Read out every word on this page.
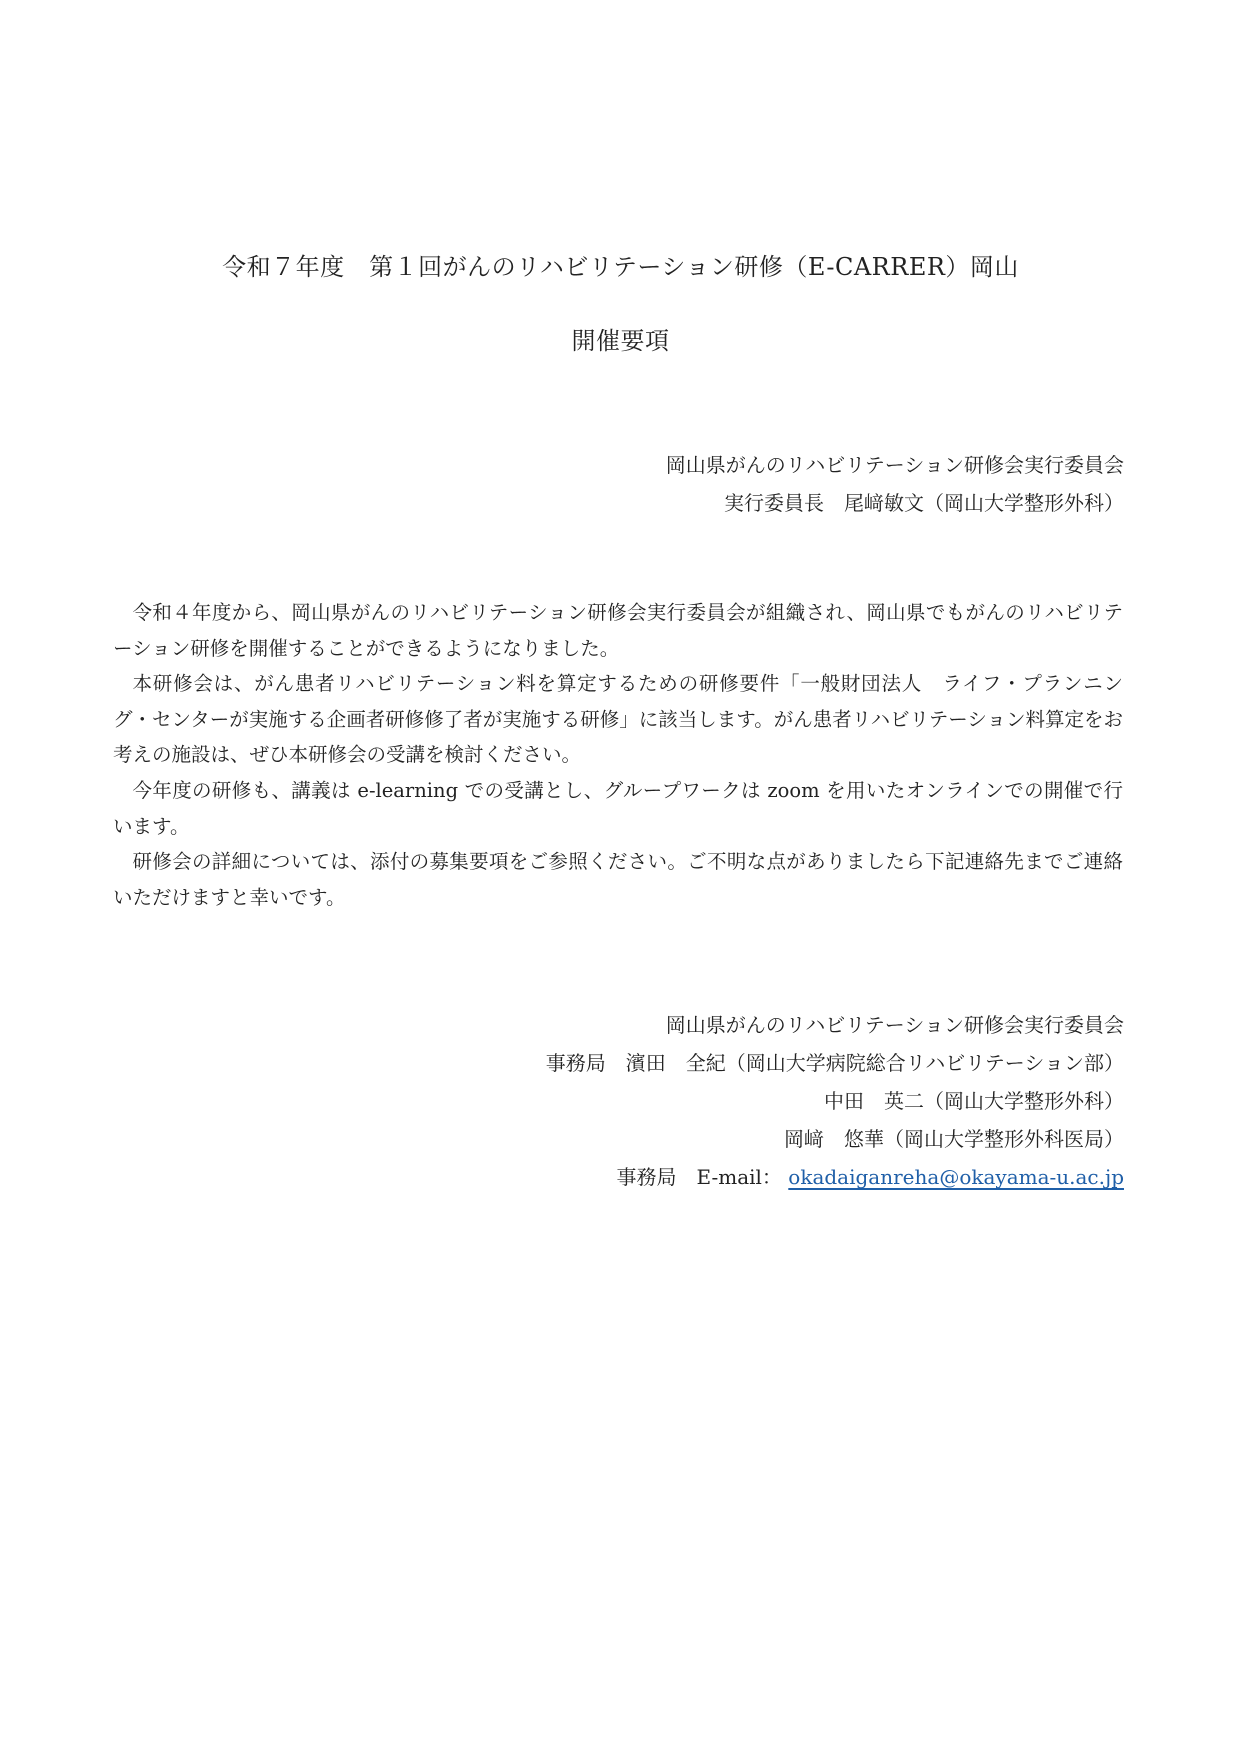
令和７年度　第１回がんのリハビリテーション研修（E-CARRER）岡山
開催要項
岡山県がんのリハビリテーション研修会実行委員会
実行委員長　尾﨑敏文（岡山大学整形外科）

令和４年度から、岡山県がんのリハビリテーション研修会実行委員会が組織され、岡山県でもがんのリハビリテーション研修を開催することができるようになりました。

本研修会は、がん患者リハビリテーション料を算定するための研修要件「一般財団法人　ライフ・プランニング・センターが実施する企画者研修修了者が実施する研修」に該当します。がん患者リハビリテーション料算定をお考えの施設は、ぜひ本研修会の受講を検討ください。

今年度の研修も、講義は e-learning での受講とし、グループワークは zoom を用いたオンラインでの開催で行います。

研修会の詳細については、添付の募集要項をご参照ください。ご不明な点がありましたら下記連絡先までご連絡いただけますと幸いです。

岡山県がんのリハビリテーション研修会実行委員会
事務局　濱田　全紀（岡山大学病院総合リハビリテーション部）
中田　英二（岡山大学整形外科）
岡﨑　悠華（岡山大学整形外科医局）
事務局　E-mail： okadaiganreha@okayama-u.ac.jp
